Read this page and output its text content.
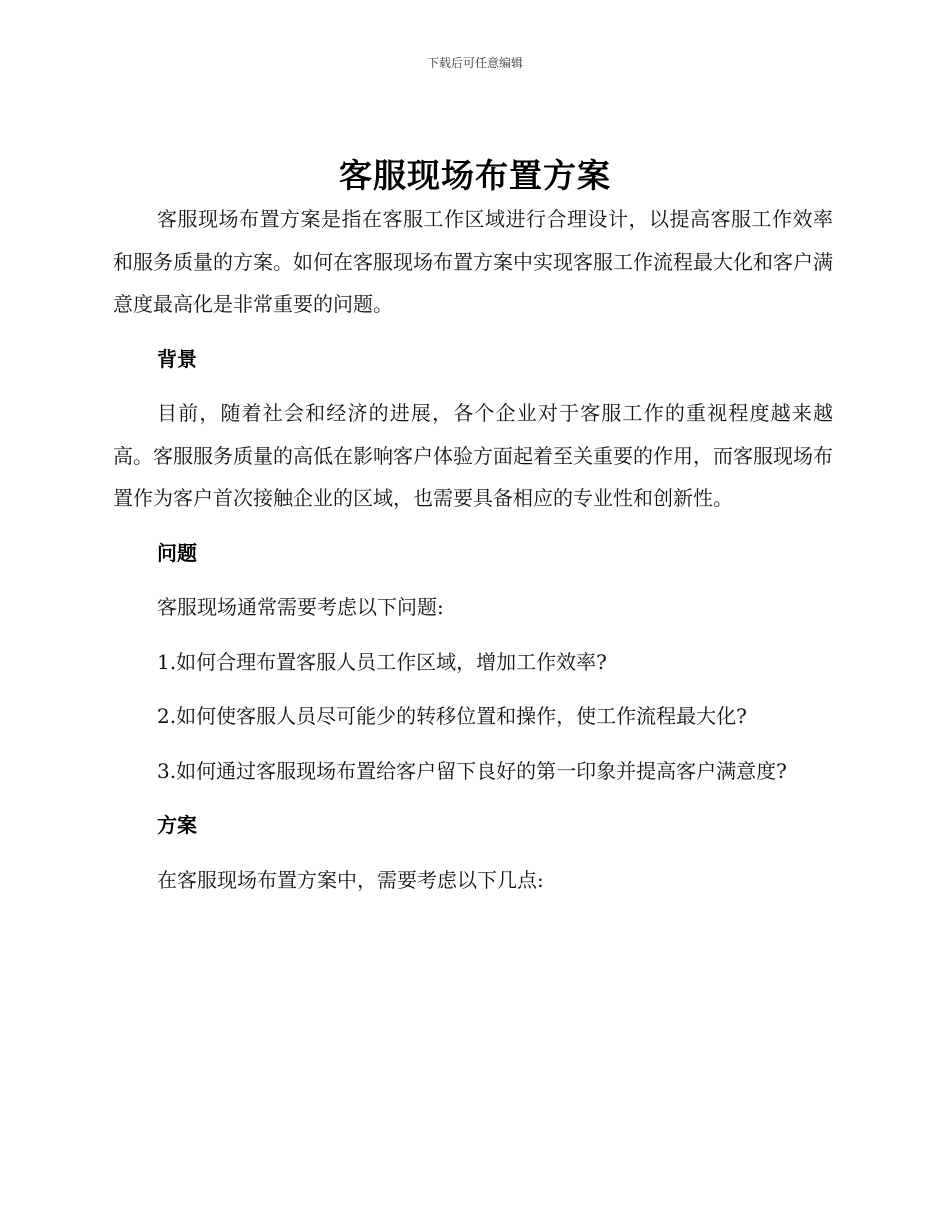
下载后可任意编辑
客服现场布置方案

客服现场布置方案是指在客服工作区域进行合理设计，以提高客服工作效率和服务质量的方案。如何在客服现场布置方案中实现客服工作流程最大化和客户满意度最高化是非常重要的问题。

背景

目前，随着社会和经济的进展，各个企业对于客服工作的重视程度越来越高。客服服务质量的高低在影响客户体验方面起着至关重要的作用，而客服现场布置作为客户首次接触企业的区域，也需要具备相应的专业性和创新性。

问题

客服现场通常需要考虑以下问题:

1.如何合理布置客服人员工作区域，增加工作效率?

2.如何使客服人员尽可能少的转移位置和操作，使工作流程最大化?

3.如何通过客服现场布置给客户留下良好的第一印象并提高客户满意度?

方案

在客服现场布置方案中，需要考虑以下几点:
